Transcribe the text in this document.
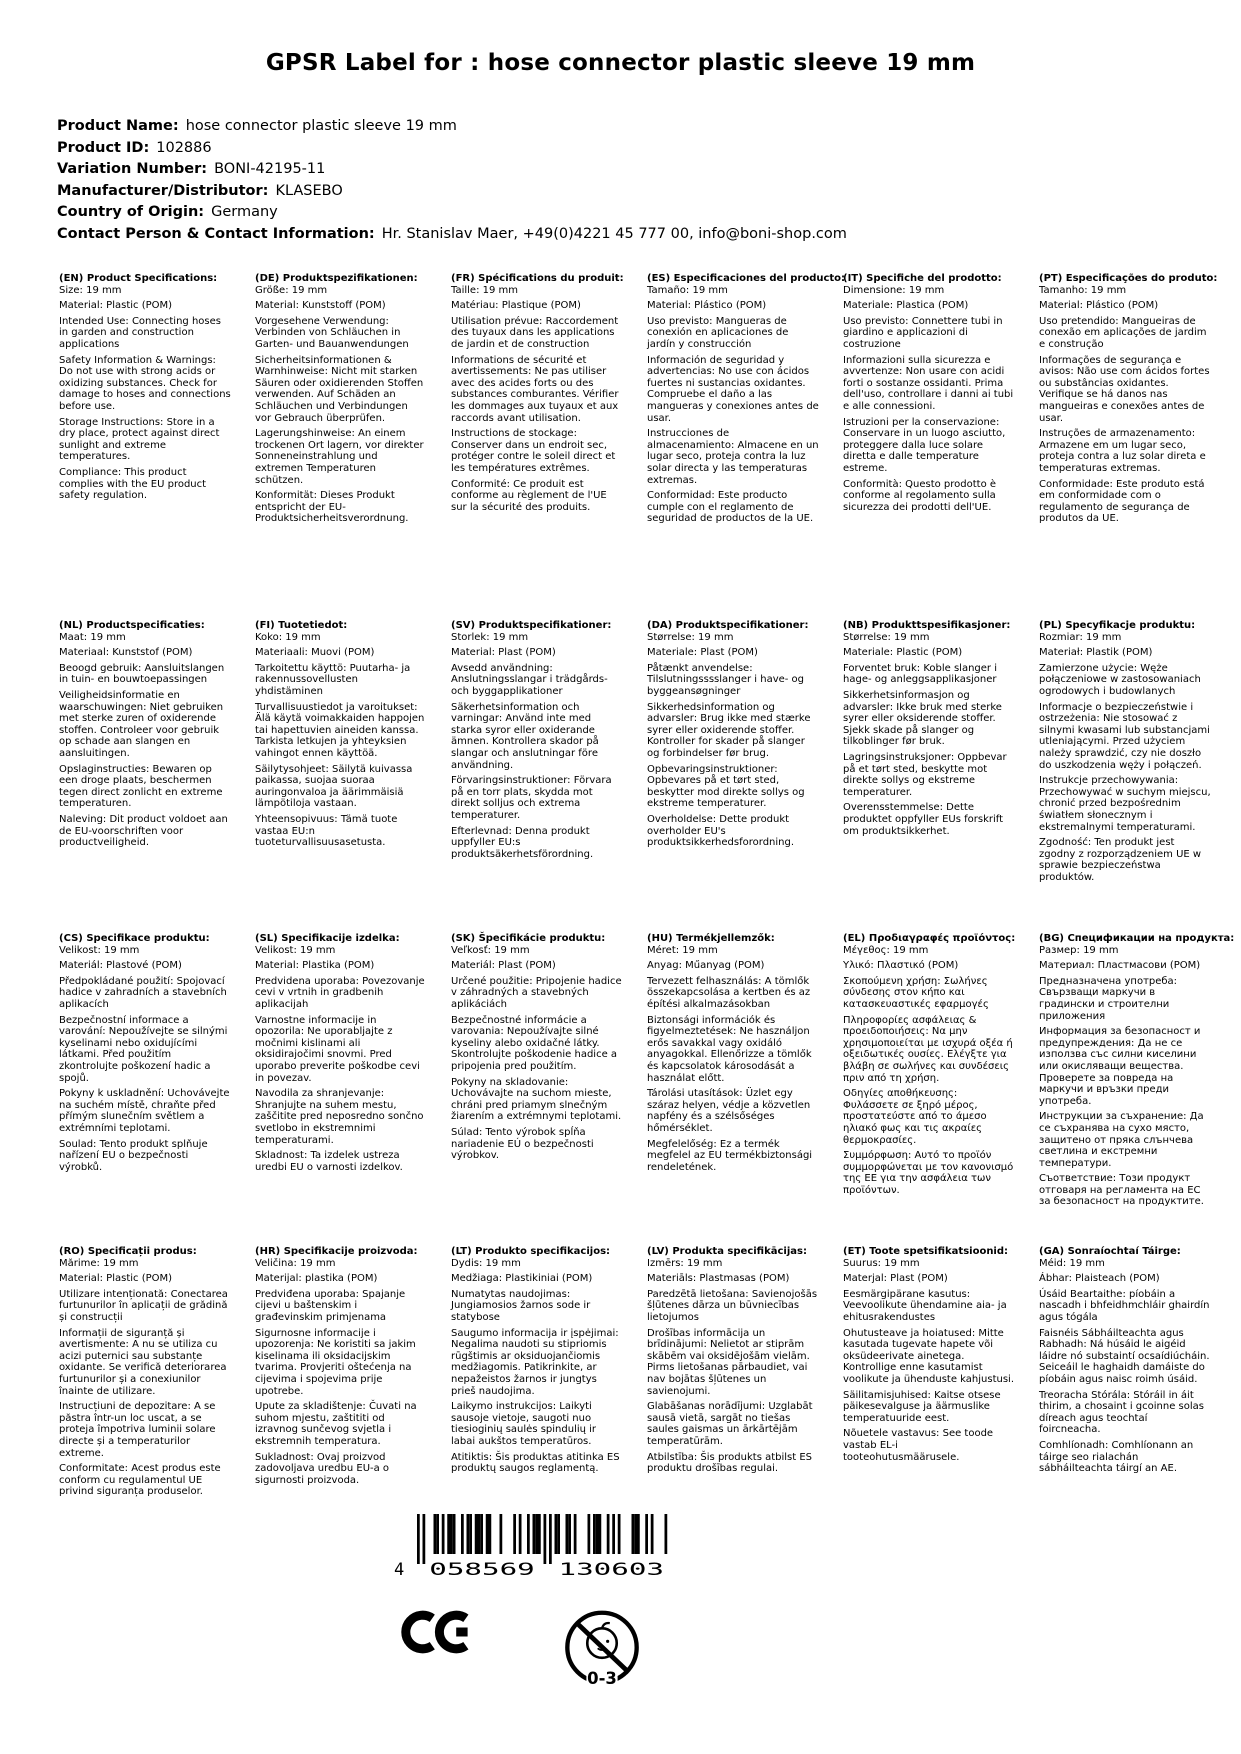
GPSR Label for : hose connector plastic sleeve 19 mm
Product Name: hose connector plastic sleeve 19 mm
Product ID: 102886
Variation Number: BONI-42195-11
Manufacturer/Distributor: KLASEBO
Country of Origin: Germany
Contact Person & Contact Information: Hr. Stanislav Maer, +49(0)4221 45 777 00, info@boni-shop.com
(EN) Product Specifications:
Size: 19 mm
Material: Plastic (POM)
Intended Use: Connecting hoses in garden and construction applications
Safety Information & Warnings: Do not use with strong acids or oxidizing substances. Check for damage to hoses and connections before use.
Storage Instructions: Store in a dry place, protect against direct sunlight and extreme temperatures.
Compliance: This product complies with the EU product safety regulation.
(DE) Produktspezifikationen:
Größe: 19 mm
Material: Kunststoff (POM)
Vorgesehene Verwendung: Verbinden von Schläuchen in Garten- und Bauanwendungen
Sicherheitsinformationen & Warnhinweise: Nicht mit starken Säuren oder oxidierenden Stoffen verwenden. Auf Schäden an Schläuchen und Verbindungen vor Gebrauch überprüfen.
Lagerungshinweise: An einem trockenen Ort lagern, vor direkter Sonneneinstrahlung und extremen Temperaturen schützen.
Konformität: Dieses Produkt entspricht der EU-Produktsicherheitsverordnung.
(FR) Spécifications du produit:
Taille: 19 mm
Matériau: Plastique (POM)
Utilisation prévue: Raccordement des tuyaux dans les applications de jardin et de construction
Informations de sécurité et avertissements: Ne pas utiliser avec des acides forts ou des substances comburantes. Vérifier les dommages aux tuyaux et aux raccords avant utilisation.
Instructions de stockage: Conserver dans un endroit sec, protéger contre le soleil direct et les températures extrêmes.
Conformité: Ce produit est conforme au règlement de l'UE sur la sécurité des produits.
(ES) Especificaciones del producto:
Tamaño: 19 mm
Material: Plástico (POM)
Uso previsto: Mangueras de conexión en aplicaciones de jardín y construcción
Información de seguridad y advertencias: No use con ácidos fuertes ni sustancias oxidantes. Compruebe el daño a las mangueras y conexiones antes de usar.
Instrucciones de almacenamiento: Almacene en un lugar seco, proteja contra la luz solar directa y las temperaturas extremas.
Conformidad: Este producto cumple con el reglamento de seguridad de productos de la UE.
(IT) Specifiche del prodotto:
Dimensione: 19 mm
Materiale: Plastica (POM)
Uso previsto: Connettere tubi in giardino e applicazioni di costruzione
Informazioni sulla sicurezza e avvertenze: Non usare con acidi forti o sostanze ossidanti. Prima dell'uso, controllare i danni ai tubi e alle connessioni.
Istruzioni per la conservazione: Conservare in un luogo asciutto, proteggere dalla luce solare diretta e dalle temperature estreme.
Conformità: Questo prodotto è conforme al regolamento sulla sicurezza dei prodotti dell'UE.
(PT) Especificações do produto:
Tamanho: 19 mm
Material: Plástico (POM)
Uso pretendido: Mangueiras de conexão em aplicações de jardim e construção
Informações de segurança e avisos: Não use com ácidos fortes ou substâncias oxidantes. Verifique se há danos nas mangueiras e conexões antes de usar.
Instruções de armazenamento: Armazene em um lugar seco, proteja contra a luz solar direta e temperaturas extremas.
Conformidade: Este produto está em conformidade com o regulamento de segurança de produtos da UE.
(NL) Productspecificaties:
Maat: 19 mm
Materiaal: Kunststof (POM)
Beoogd gebruik: Aansluitslangen in tuin- en bouwtoepassingen
Veiligheidsinformatie en waarschuwingen: Niet gebruiken met sterke zuren of oxiderende stoffen. Controleer voor gebruik op schade aan slangen en aansluitingen.
Opslaginstructies: Bewaren op een droge plaats, beschermen tegen direct zonlicht en extreme temperaturen.
Naleving: Dit product voldoet aan de EU-voorschriften voor productveiligheid.
(FI) Tuotetiedot:
Koko: 19 mm
Materiaali: Muovi (POM)
Tarkoitettu käyttö: Puutarha- ja rakennussovellusten yhdistäminen
Turvallisuustiedot ja varoitukset: Älä käytä voimakkaiden happojen tai hapettuvien aineiden kanssa. Tarkista letkujen ja yhteyksien vahingot ennen käyttöä.
Säilytysohjeet: Säilytä kuivassa paikassa, suojaa suoraa auringonvaloa ja äärimmäisiä lämpötiloja vastaan.
Yhteensopivuus: Tämä tuote vastaa EU:n tuoteturvallisuusasetusta.
(SV) Produktspecifikationer:
Storlek: 19 mm
Material: Plast (POM)
Avsedd användning: Anslutningsslangar i trädgårds- och byggapplikationer
Säkerhetsinformation och varningar: Använd inte med starka syror eller oxiderande ämnen. Kontrollera skador på slangar och anslutningar före användning.
Förvaringsinstruktioner: Förvara på en torr plats, skydda mot direkt solljus och extrema temperaturer.
Efterlevnad: Denna produkt uppfyller EU:s produktsäkerhetsförordning.
(DA) Produktspecifikationer:
Størrelse: 19 mm
Materiale: Plast (POM)
Påtænkt anvendelse: Tilslutningsssslanger i have- og byggeansøgninger
Sikkerhedsinformation og advarsler: Brug ikke med stærke syrer eller oxiderende stoffer. Kontroller for skader på slanger og forbindelser før brug.
Opbevaringsinstruktioner: Opbevares på et tørt sted, beskytter mod direkte sollys og ekstreme temperaturer.
Overholdelse: Dette produkt overholder EU's produktsikkerhedsforordning.
(NB) Produkttspesifikasjoner:
Størrelse: 19 mm
Materiale: Plastic (POM)
Forventet bruk: Koble slanger i hage- og anleggsapplikasjoner
Sikkerhetsinformasjon og advarsler: Ikke bruk med sterke syrer eller oksiderende stoffer. Sjekk skade på slanger og tilkoblinger før bruk.
Lagringsinstruksjoner: Oppbevar på et tørt sted, beskytte mot direkte sollys og ekstreme temperaturer.
Overensstemmelse: Dette produktet oppfyller EUs forskrift om produktsikkerhet.
(PL) Specyfikacje produktu:
Rozmiar: 19 mm
Materiał: Plastik (POM)
Zamierzone użycie: Węże połączeniowe w zastosowaniach ogrodowych i budowlanych
Informacje o bezpieczeństwie i ostrzeżenia: Nie stosować z silnymi kwasami lub substancjami utleniającymi. Przed użyciem należy sprawdzić, czy nie doszło do uszkodzenia węży i połączeń.
Instrukcje przechowywania: Przechowywać w suchym miejscu, chronić przed bezpośrednim światłem słonecznym i ekstremalnymi temperaturami.
Zgodność: Ten produkt jest zgodny z rozporządzeniem UE w sprawie bezpieczeństwa produktów.
(CS) Specifikace produktu:
Velikost: 19 mm
Materiál: Plastové (POM)
Předpokládané použití: Spojovací hadice v zahradních a stavebních aplikacích
Bezpečnostní informace a varování: Nepoužívejte se silnými kyselinami nebo oxidujícími látkami. Před použitím zkontrolujte poškození hadic a spojů.
Pokyny k uskladnění: Uchovávejte na suchém místě, chraňte před přímým slunečním světlem a extrémními teplotami.
Soulad: Tento produkt splňuje nařízení EU o bezpečnosti výrobků.
(SL) Specifikacije izdelka:
Velikost: 19 mm
Material: Plastika (POM)
Predvidena uporaba: Povezovanje cevi v vrtnih in gradbenih aplikacijah
Varnostne informacije in opozorila: Ne uporabljajte z močnimi kislinami ali oksidirajočimi snovmi. Pred uporabo preverite poškodbe cevi in povezav.
Navodila za shranjevanje: Shranjujte na suhem mestu, zaščitite pred neposredno sončno svetlobo in ekstremnimi temperaturami.
Skladnost: Ta izdelek ustreza uredbi EU o varnosti izdelkov.
(SK) Špecifikácie produktu:
Veľkosť: 19 mm
Materiál: Plast (POM)
Určené použitie: Pripojenie hadice v záhradných a stavebných aplikáciách
Bezpečnostné informácie a varovania: Nepoužívajte silné kyseliny alebo oxidačné látky. Skontrolujte poškodenie hadice a pripojenia pred použitím.
Pokyny na skladovanie: Uchovávajte na suchom mieste, chráni pred priamym slnečným žiarením a extrémnymi teplotami.
Súlad: Tento výrobok spĺňa nariadenie EÚ o bezpečnosti výrobkov.
(HU) Termékjellemzők:
Méret: 19 mm
Anyag: Műanyag (POM)
Tervezett felhasználás: A tömlők összekapcsolása a kertben és az építési alkalmazásokban
Biztonsági információk és figyelmeztetések: Ne használjon erős savakkal vagy oxidáló anyagokkal. Ellenőrizze a tömlők és kapcsolatok károsodását a használat előtt.
Tárolási utasítások: Üzlet egy száraz helyen, védje a közvetlen napfény és a szélsőséges hőmérséklet.
Megfelelőség: Ez a termék megfelel az EU termékbiztonsági rendeletének.
(EL) Προδιαγραφές προϊόντος:
Μέγεθος: 19 mm
Υλικό: Πλαστικό (POM)
Σκοπούμενη χρήση: Σωλήνες σύνδεσης στον κήπο και κατασκευαστικές εφαρμογές
Πληροφορίες ασφάλειας & προειδοποιήσεις: Να μην χρησιμοποιείται με ισχυρά οξέα ή οξειδωτικές ουσίες. Ελέγξτε για βλάβη σε σωλήνες και συνδέσεις πριν από τη χρήση.
Οδηγίες αποθήκευσης: Φυλάσσετε σε ξηρό μέρος, προστατεύστε από το άμεσο ηλιακό φως και τις ακραίες θερμοκρασίες.
Συμμόρφωση: Αυτό το προϊόν συμμορφώνεται με τον κανονισμό της ΕΕ για την ασφάλεια των προϊόντων.
(BG) Спецификации на продукта:
Размер: 19 mm
Материал: Пластмасови (POM)
Предназначена употреба: Свързващи маркучи в градински и строителни приложения
Информация за безопасност и предупреждения: Да не се използва със силни киселини или окисляващи вещества. Проверете за повреда на маркучи и връзки преди употреба.
Инструкции за съхранение: Да се съхранява на сухо място, защитено от пряка слънчева светлина и екстремни температури.
Съответствие: Този продукт отговаря на регламента на ЕС за безопасност на продуктите.
(RO) Specificații produs:
Mărime: 19 mm
Material: Plastic (POM)
Utilizare intenționată: Conectarea furtunurilor în aplicații de grădină și construcții
Informații de siguranță și avertismente: A nu se utiliza cu acizi puternici sau substanțe oxidante. Se verifică deteriorarea furtunurilor și a conexiunilor înainte de utilizare.
Instrucțiuni de depozitare: A se păstra într-un loc uscat, a se proteja împotriva luminii solare directe și a temperaturilor extreme.
Conformitate: Acest produs este conform cu regulamentul UE privind siguranța produselor.
(HR) Specifikacije proizvoda:
Veličina: 19 mm
Materijal: plastika (POM)
Predviđena uporaba: Spajanje cijevi u baštenskim i građevinskim primjenama
Sigurnosne informacije i upozorenja: Ne koristiti sa jakim kiselinama ili oksidacijskim tvarima. Provjeriti oštećenja na cijevima i spojevima prije upotrebe.
Upute za skladištenje: Čuvati na suhom mjestu, zaštititi od izravnog sunčevog svjetla i ekstremnih temperatura.
Sukladnost: Ovaj proizvod zadovoljava uredbu EU-a o sigurnosti proizvoda.
(LT) Produkto specifikacijos:
Dydis: 19 mm
Medžiaga: Plastikiniai (POM)
Numatytas naudojimas: Jungiamosios žarnos sode ir statybose
Saugumo informacija ir įspėjimai: Negalima naudoti su stipriomis rūgštimis ar oksiduojančiomis medžiagomis. Patikrinkite, ar nepažeistos žarnos ir jungtys prieš naudojima.
Laikymo instrukcijos: Laikyti sausoje vietoje, saugoti nuo tiesioginių saulės spindulių ir labai aukštos temperatūros.
Atitiktis: Šis produktas atitinka ES produktų saugos reglamentą.
(LV) Produkta specifikācijas:
Izmērs: 19 mm
Materiāls: Plastmasas (POM)
Paredzētā lietošana: Savienojošās šļūtenes dārza un būvniecības lietojumos
Drošības informācija un brīdinājumi: Nelietot ar stiprām skābēm vai oksidējošām vielām. Pirms lietošanas pārbaudiet, vai nav bojātas šļūtenes un savienojumi.
Glabāšanas norādījumi: Uzglabāt sausā vietā, sargāt no tiešas saules gaismas un ārkārtējām temperatūrām.
Atbilstība: Šis produkts atbilst ES produktu drošības regulai.
(ET) Toote spetsifikatsioonid:
Suurus: 19 mm
Materjal: Plast (POM)
Eesmärgipärane kasutus: Veevoolikute ühendamine aia- ja ehitusrakendustes
Ohutusteave ja hoiatused: Mitte kasutada tugevate hapete või oksüdeerivate ainetega. Kontrollige enne kasutamist voolikute ja ühenduste kahjustusi.
Säilitamisjuhised: Kaitse otsese päikesevalguse ja äärmuslike temperatuuride eest.
Nõuetele vastavus: See toode vastab EL-i tooteohutusmäärusele.
(GA) Sonraíochtaí Táirge:
Méid: 19 mm
Ábhar: Plaisteach (POM)
Úsáid Beartaithe: píobáin a nascadh i bhfeidhmchláir ghairdín agus tógála
Faisnéis Sábháilteachta agus Rabhadh: Ná húsáid le aigéid láidre nó substaintí ocsaídiúcháin. Seiceáil le haghaidh damáiste do píobáin agus naisc roimh úsáid.
Treoracha Stórála: Stóráil in áit thirim, a chosaint i gcoinne solas díreach agus teochtaí foircneacha.
Comhlíonadh: Comhlíonann an táirge seo rialachán sábháilteachta táirgí an AE.
4 058569 130603
0-3
